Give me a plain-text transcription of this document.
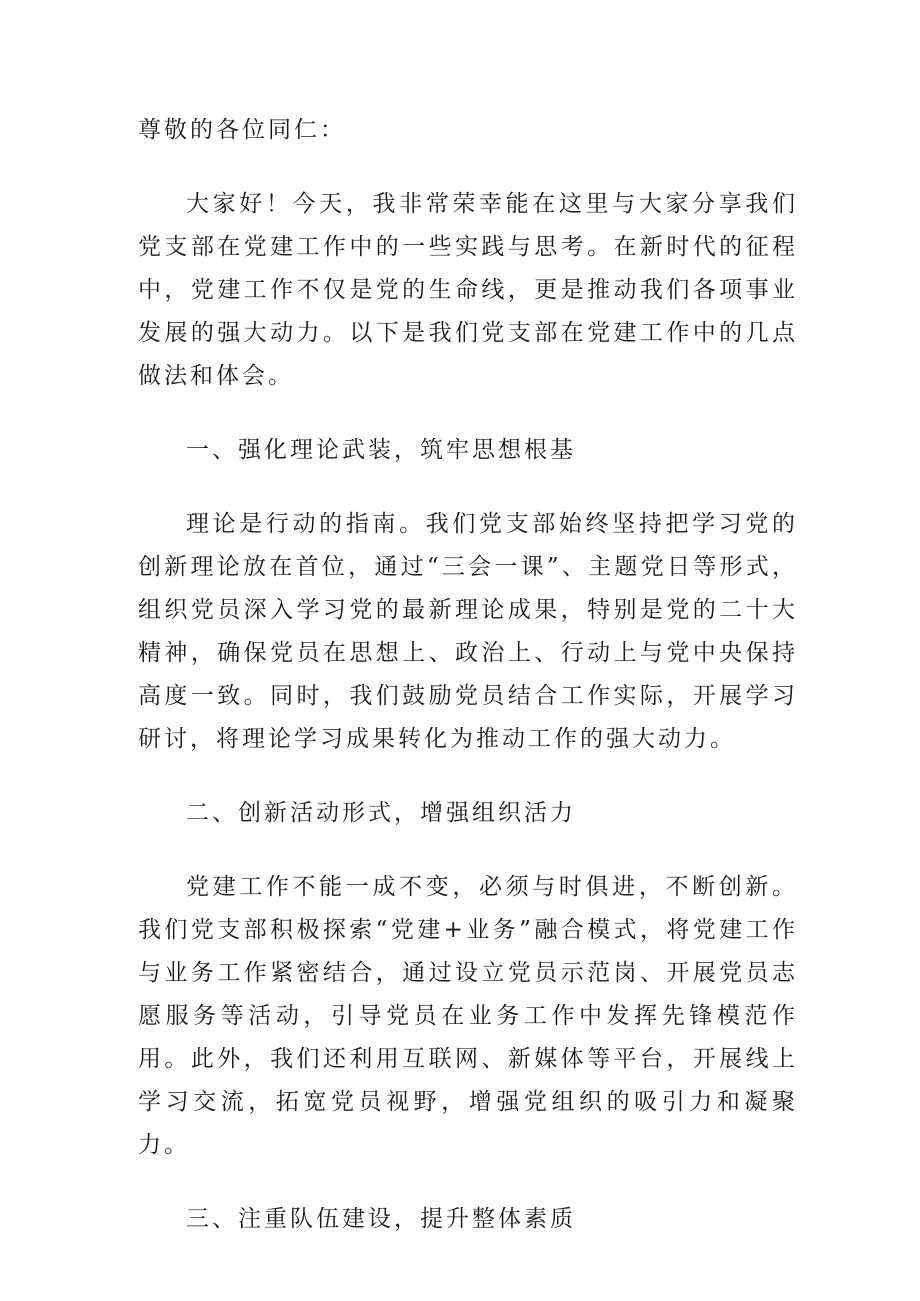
尊敬的各位同仁：

大家好！今天，我非常荣幸能在这里与大家分享我们党支部在党建工作中的一些实践与思考。在新时代的征程中，党建工作不仅是党的生命线，更是推动我们各项事业发展的强大动力。以下是我们党支部在党建工作中的几点做法和体会。

一、强化理论武装，筑牢思想根基

理论是行动的指南。我们党支部始终坚持把学习党的创新理论放在首位，通过“三会一课”、主题党日等形式，组织党员深入学习党的最新理论成果，特别是党的二十大精神，确保党员在思想上、政治上、行动上与党中央保持高度一致。同时，我们鼓励党员结合工作实际，开展学习研讨，将理论学习成果转化为推动工作的强大动力。

二、创新活动形式，增强组织活力

党建工作不能一成不变，必须与时俱进，不断创新。我们党支部积极探索“党建+业务”融合模式，将党建工作与业务工作紧密结合，通过设立党员示范岗、开展党员志愿服务等活动，引导党员在业务工作中发挥先锋模范作用。此外，我们还利用互联网、新媒体等平台，开展线上学习交流，拓宽党员视野，增强党组织的吸引力和凝聚力。

三、注重队伍建设，提升整体素质
